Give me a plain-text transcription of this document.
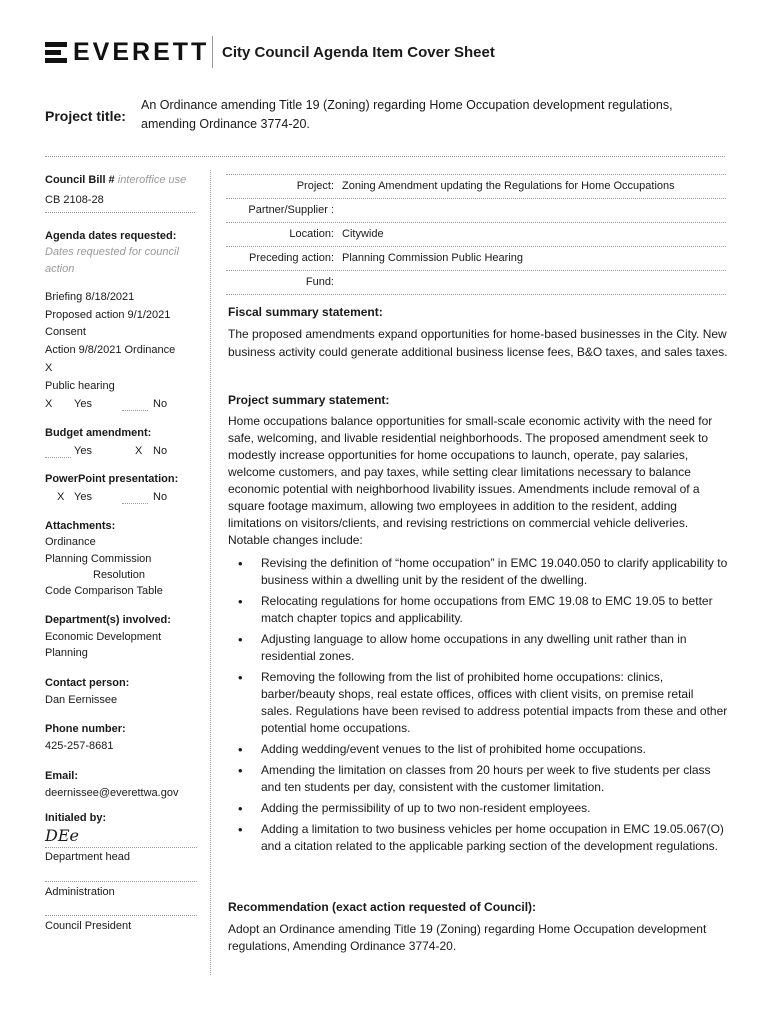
EVERETT City Council Agenda Item Cover Sheet
Project title:
An Ordinance amending Title 19 (Zoning) regarding Home Occupation development regulations, amending Ordinance 3774-20.
Council Bill # interoffice use
CB 2108-28
Agenda dates requested:
Dates requested for council action
Briefing 8/18/2021
Proposed action 9/1/2021
Consent
Action 9/8/2021 Ordinance
X
Public hearing
X Yes	No
Budget amendment:
Yes	X No
PowerPoint presentation:
X Yes	No
Attachments:
Ordinance
Planning Commission
Resolution
Code Comparison Table
Department(s) involved:
Economic Development
Planning
Contact person:
Dan Eernissee
Phone number:
425-257-8681
Email:
deernissee@everettwa.gov
Initialed by:
DEe
Department head
Administration
Council President
Project: Zoning Amendment updating the Regulations for Home Occupations
Partner/Supplier :
Location: Citywide
Preceding action: Planning Commission Public Hearing
Fund:
Fiscal summary statement:
The proposed amendments expand opportunities for home-based businesses in the City. New business activity could generate additional business license fees, B&O taxes, and sales taxes.
Project summary statement:
Home occupations balance opportunities for small-scale economic activity with the need for safe, welcoming, and livable residential neighborhoods. The proposed amendment seek to modestly increase opportunities for home occupations to launch, operate, pay salaries, welcome customers, and pay taxes, while setting clear limitations necessary to balance economic potential with neighborhood livability issues. Amendments include removal of a square footage maximum, allowing two employees in addition to the resident, adding limitations on visitors/clients, and revising restrictions on commercial vehicle deliveries. Notable changes include:
• Revising the definition of “home occupation” in EMC 19.040.050 to clarify applicability to business within a dwelling unit by the resident of the dwelling.
• Relocating regulations for home occupations from EMC 19.08 to EMC 19.05 to better match chapter topics and applicability.
• Adjusting language to allow home occupations in any dwelling unit rather than in residential zones.
• Removing the following from the list of prohibited home occupations: clinics, barber/beauty shops, real estate offices, offices with client visits, on premise retail sales. Regulations have been revised to address potential impacts from these and other potential home occupations.
• Adding wedding/event venues to the list of prohibited home occupations.
• Amending the limitation on classes from 20 hours per week to five students per class and ten students per day, consistent with the customer limitation.
• Adding the permissibility of up to two non-resident employees.
• Adding a limitation to two business vehicles per home occupation in EMC 19.05.067(O) and a citation related to the applicable parking section of the development regulations.
Recommendation (exact action requested of Council):
Adopt an Ordinance amending Title 19 (Zoning) regarding Home Occupation development regulations, Amending Ordinance 3774-20.
